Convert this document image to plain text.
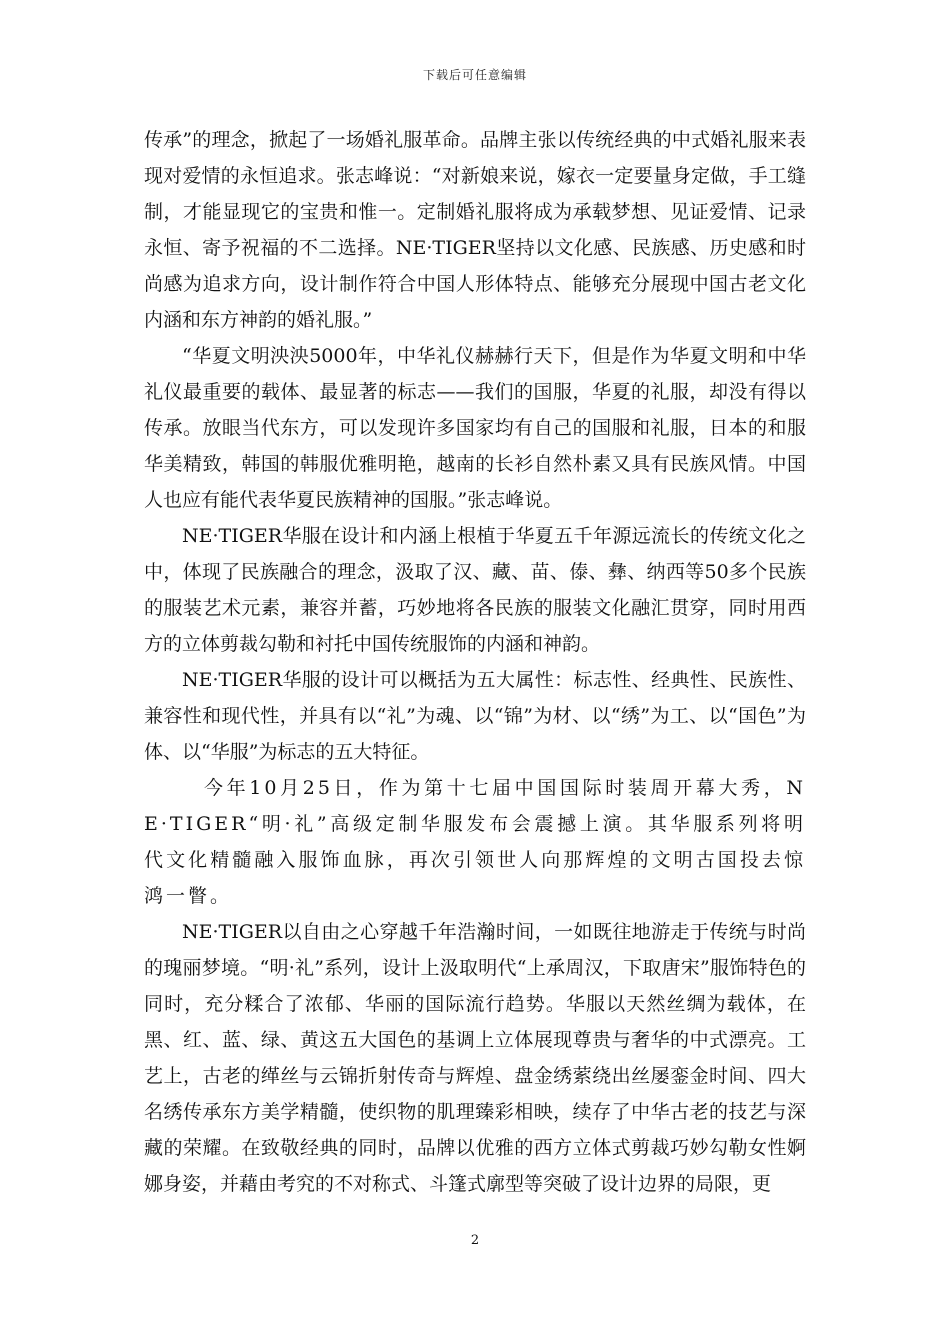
下载后可任意编辑

传承”的理念，掀起了一场婚礼服革命。品牌主张以传统经典的中式婚礼服来表现对爱情的永恒追求。张志峰说：“对新娘来说，嫁衣一定要量身定做，手工缝制，才能显现它的宝贵和惟一。定制婚礼服将成为承载梦想、见证爱情、记录永恒、寄予祝福的不二选择。NE·TIGER坚持以文化感、民族感、历史感和时尚感为追求方向，设计制作符合中国人形体特点、能够充分展现中国古老文化内涵和东方神韵的婚礼服。”

“华夏文明泱泱5000年，中华礼仪赫赫行天下，但是作为华夏文明和中华礼仪最重要的载体、最显著的标志——我们的国服，华夏的礼服，却没有得以传承。放眼当代东方，可以发现许多国家均有自己的国服和礼服，日本的和服华美精致，韩国的韩服优雅明艳，越南的长衫自然朴素又具有民族风情。中国人也应有能代表华夏民族精神的国服。”张志峰说。

NE·TIGER华服在设计和内涵上根植于华夏五千年源远流长的传统文化之中，体现了民族融合的理念，汲取了汉、藏、苗、傣、彝、纳西等50多个民族的服装艺术元素，兼容并蓄，巧妙地将各民族的服装文化融汇贯穿，同时用西方的立体剪裁勾勒和衬托中国传统服饰的内涵和神韵。

NE·TIGER华服的设计可以概括为五大属性：标志性、经典性、民族性、兼容性和现代性，并具有以“礼”为魂、以“锦”为材、以“绣”为工、以“国色”为体、以“华服”为标志的五大特征。

今年10月25日，作为第十七届中国国际时装周开幕大秀，NE·TIGER“明·礼”高级定制华服发布会震撼上演。其华服系列将明代文化精髓融入服饰血脉，再次引领世人向那辉煌的文明古国投去惊鸿一瞥。

NE·TIGER以自由之心穿越千年浩瀚时间，一如既往地游走于传统与时尚的瑰丽梦境。“明·礼”系列，设计上汲取明代“上承周汉，下取唐宋”服饰特色的同时，充分糅合了浓郁、华丽的国际流行趋势。华服以天然丝绸为载体，在黑、红、蓝、绿、黄这五大国色的基调上立体展现尊贵与奢华的中式漂亮。工艺上，古老的缂丝与云锦折射传奇与辉煌、盘金绣萦绕出丝屡銮金时间、四大名绣传承东方美学精髓，使织物的肌理臻彩相映，续存了中华古老的技艺与深藏的荣耀。在致敬经典的同时，品牌以优雅的西方立体式剪裁巧妙勾勒女性婀娜身姿，并藉由考究的不对称式、斗篷式廓型等突破了设计边界的局限，更

2
